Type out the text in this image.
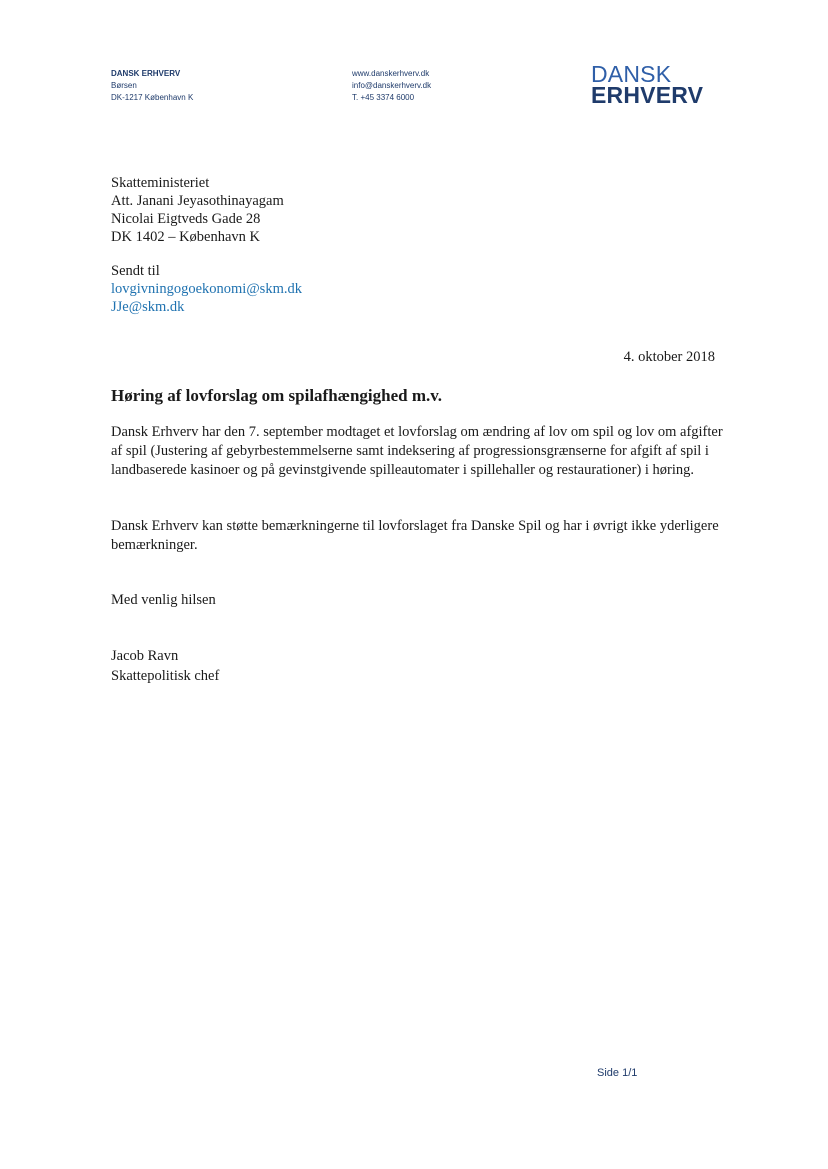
DANSK ERHVERV
Børsen
DK-1217 København K
www.danskerhverv.dk
info@danskerhverv.dk
T. +45 3374 6000
DANSK
ERHVERV
Skatteministeriet
Att. Janani Jeyasothinayagam
Nicolai Eigtveds Gade 28
DK 1402 – København K
Sendt til
lovgivningogoekonomi@skm.dk
JJe@skm.dk
4. oktober 2018
Høring af lovforslag om spilafhængighed m.v.
Dansk Erhverv har den 7. september modtaget et lovforslag om ændring af lov om spil og lov om afgifter af spil (Justering af gebyrbestemmelserne samt indeksering af progressionsgrænserne for afgift af spil i landbaserede kasinoer og på gevinstgivende spilleautomater i spillehaller og restaurationer) i høring.
Dansk Erhverv kan støtte bemærkningerne til lovforslaget fra Danske Spil og har i øvrigt ikke yderligere bemærkninger.
Med venlig hilsen
Jacob Ravn
Skattepolitisk chef
Side 1/1
